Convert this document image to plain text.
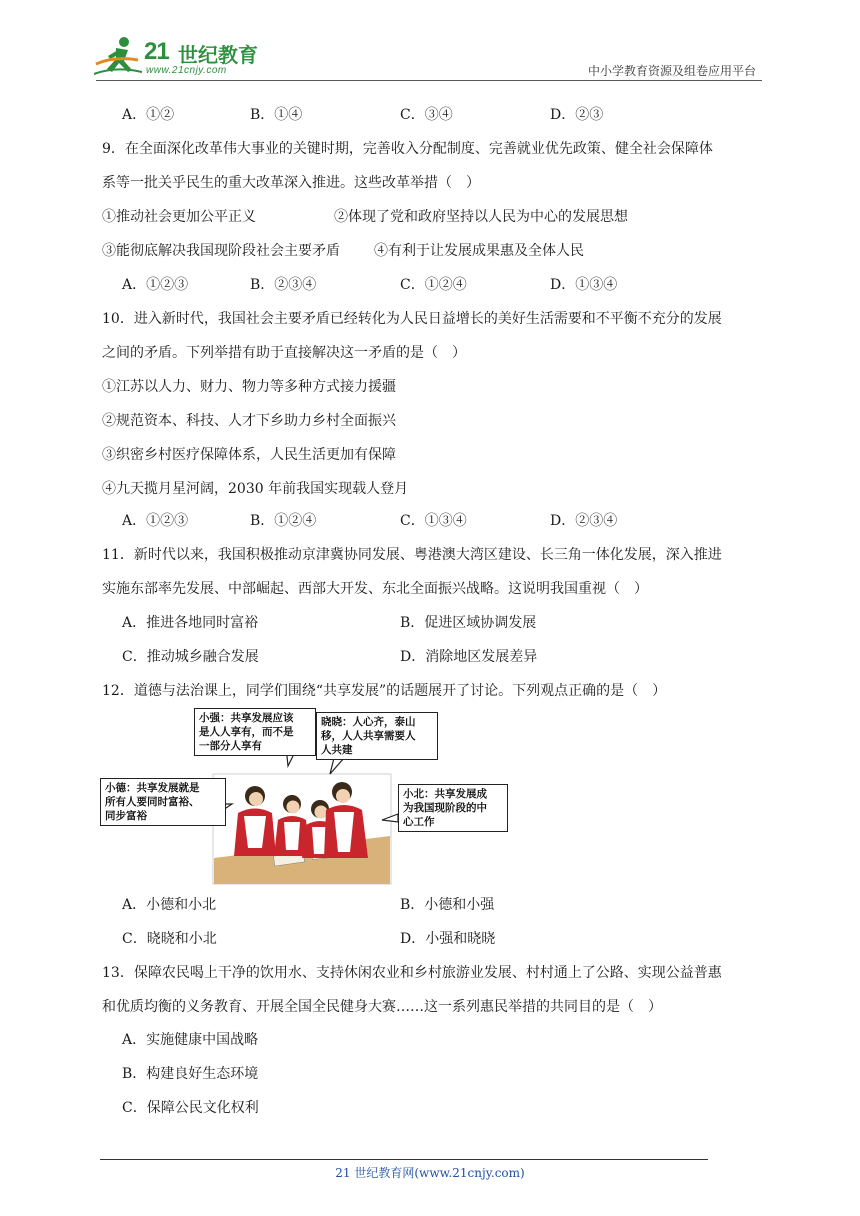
21 世纪教育
www.21cnjy.com	中小学教育资源及组卷应用平台
A．①②	B．①④	C．③④	D．②③
9．在全面深化改革伟大事业的关键时期，完善收入分配制度、完善就业优先政策、健全社会保障体
系等一批关乎民生的重大改革深入推进。这些改革举措（　）
①推动社会更加公平正义	②体现了党和政府坚持以人民为中心的发展思想
③能彻底解决我国现阶段社会主要矛盾 ④有利于让发展成果惠及全体人民
A．①②③	B．②③④	C．①②④	D．①③④
10．进入新时代，我国社会主要矛盾已经转化为人民日益增长的美好生活需要和不平衡不充分的发展
之间的矛盾。下列举措有助于直接解决这一矛盾的是（　）
①江苏以人力、财力、物力等多种方式接力援疆
②规范资本、科技、人才下乡助力乡村全面振兴
③织密乡村医疗保障体系，人民生活更加有保障
④九天揽月星河阔，2030 年前我国实现载人登月
A．①②③	B．①②④	C．①③④	D．②③④
11．新时代以来，我国积极推动京津冀协同发展、粤港澳大湾区建设、长三角一体化发展，深入推进
实施东部率先发展、中部崛起、西部大开发、东北全面振兴战略。这说明我国重视（　）
A．推进各地同时富裕	B．促进区域协调发展
C．推动城乡融合发展	D．消除地区发展差异
12．道德与法治课上，同学们围绕“共享发展”的话题展开了讨论。下列观点正确的是（　）
小强：共享发展应该
是人人享有，而不是
一部分人享有
晓晓：人心齐，泰山
移，人人共享需要人
人共建
小德：共享发展就是
所有人要同时富裕、
同步富裕
小北：共享发展成
为我国现阶段的中
心工作
A．小德和小北	B．小德和小强
C．晓晓和小北	D．小强和晓晓
13．保障农民喝上干净的饮用水、支持休闲农业和乡村旅游业发展、村村通上了公路、实现公益普惠
和优质均衡的义务教育、开展全国全民健身大赛……这一系列惠民举措的共同目的是（　）
A．实施健康中国战略
B．构建良好生态环境
C．保障公民文化权利
21 世纪教育网(www.21cnjy.com)
